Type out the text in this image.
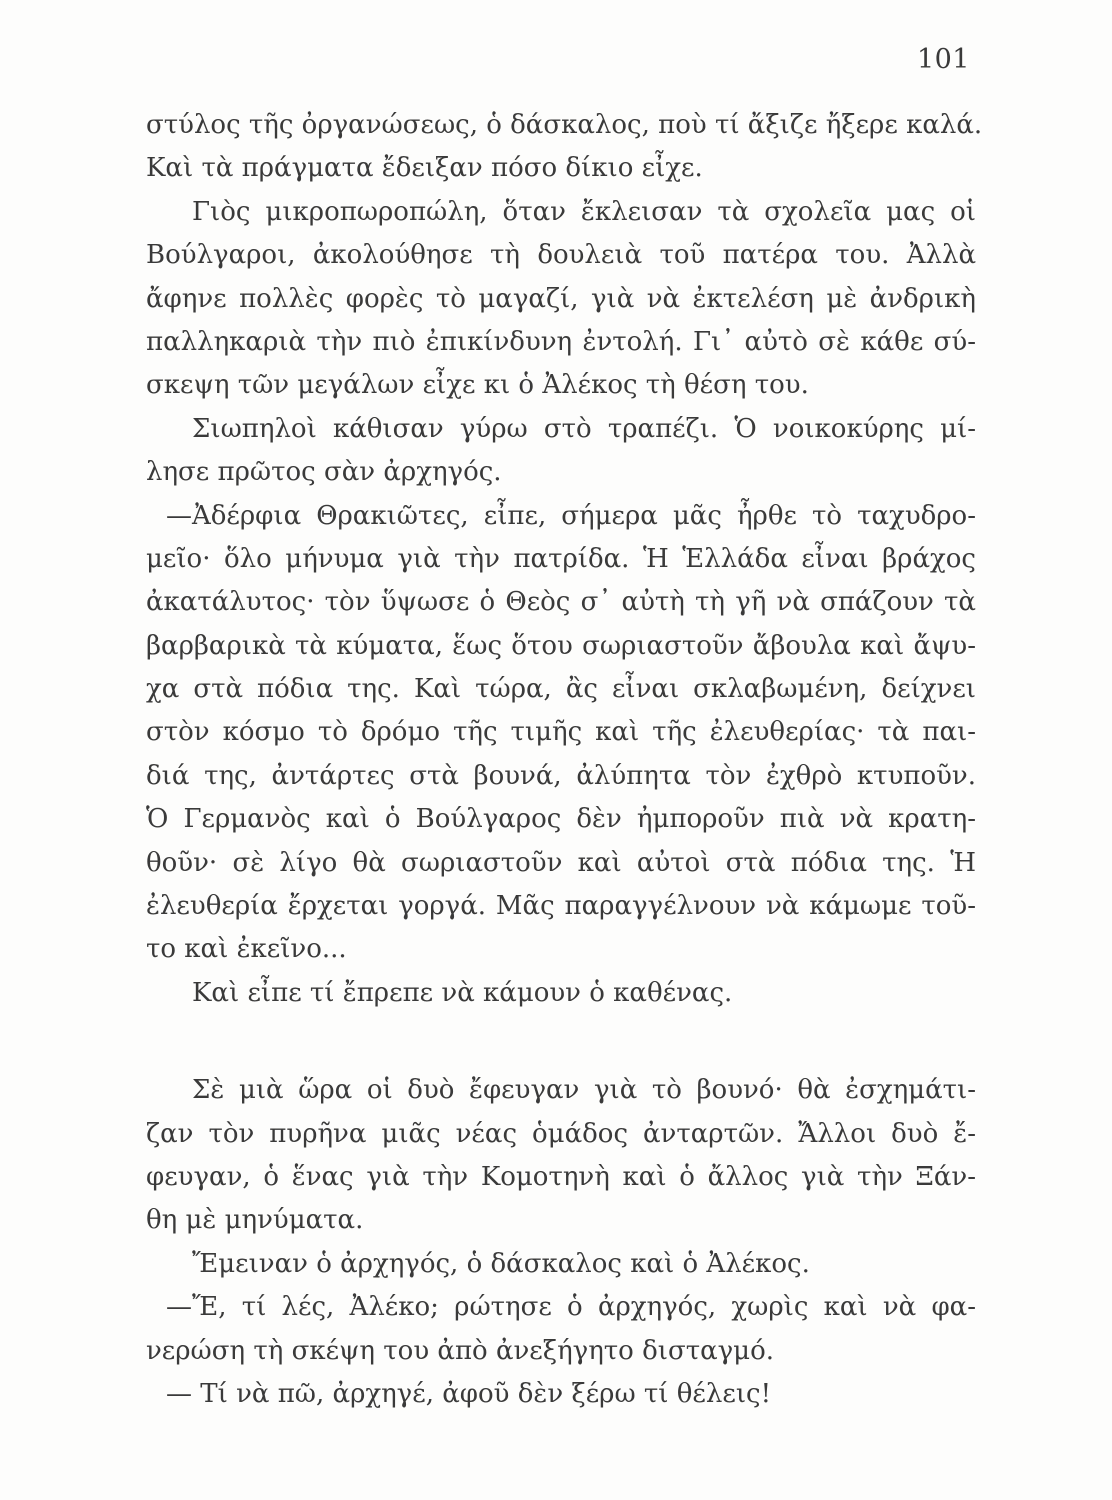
101
στύλος τῆς ὀργανώσεως, ὁ δάσκαλος, ποὺ τί ἄξιζε ἤξερε καλά.
Καὶ τὰ πράγματα ἔδειξαν πόσο δίκιο εἶχε.
Γιὸς μικροπωροπώλη, ὅταν ἔκλεισαν τὰ σχολεῖα μας οἱ
Βούλγαροι, ἀκολούθησε τὴ δουλειὰ τοῦ πατέρα του. Ἀλλὰ
ἄφηνε πολλὲς φορὲς τὸ μαγαζί, γιὰ νὰ ἐκτελέση μὲ ἀνδρικὴ
παλληκαριὰ τὴν πιὸ ἐπικίνδυνη ἐντολή. Γι᾽ αὐτὸ σὲ κάθε σύ-
σκεψη τῶν μεγάλων εἶχε κι ὁ Ἀλέκος τὴ θέση του.
Σιωπηλοὶ κάθισαν γύρω στὸ τραπέζι. Ὁ νοικοκύρης μί-
λησε πρῶτος σὰν ἀρχηγός.
—Ἀδέρφια Θρακιῶτες, εἶπε, σήμερα μᾶς ἦρθε τὸ ταχυδρο-
μεῖο· ὅλο μήνυμα γιὰ τὴν πατρίδα. Ἡ Ἑλλάδα εἶναι βράχος
ἀκατάλυτος· τὸν ὕψωσε ὁ Θεὸς σ᾽ αὐτὴ τὴ γῆ νὰ σπάζουν τὰ
βαρβαρικὰ τὰ κύματα, ἕως ὅτου σωριαστοῦν ἄβουλα καὶ ἄψυ-
χα στὰ πόδια της. Καὶ τώρα, ἂς εἶναι σκλαβωμένη, δείχνει
στὸν κόσμο τὸ δρόμο τῆς τιμῆς καὶ τῆς ἐλευθερίας· τὰ παι-
διά της, ἀντάρτες στὰ βουνά, ἀλύπητα τὸν ἐχθρὸ κτυποῦν.
Ὁ Γερμανὸς καὶ ὁ Βούλγαρος δὲν ἠμποροῦν πιὰ νὰ κρατη-
θοῦν· σὲ λίγο θὰ σωριαστοῦν καὶ αὐτοὶ στὰ πόδια της. Ἡ
ἐλευθερία ἔρχεται γοργά. Μᾶς παραγγέλνουν νὰ κάμωμε τοῦ-
το καὶ ἐκεῖνο...
Καὶ εἶπε τί ἔπρεπε νὰ κάμουν ὁ καθένας.
Σὲ μιὰ ὥρα οἱ δυὸ ἔφευγαν γιὰ τὸ βουνό· θὰ ἐσχημάτι-
ζαν τὸν πυρῆνα μιᾶς νέας ὁμάδος ἀνταρτῶν. Ἄλλοι δυὸ ἔ-
φευγαν, ὁ ἕνας γιὰ τὴν Κομοτηνὴ καὶ ὁ ἄλλος γιὰ τὴν Ξάν-
θη μὲ μηνύματα.
Ἔμειναν ὁ ἀρχηγός, ὁ δάσκαλος καὶ ὁ Ἀλέκος.
—Ἔ, τί λές, Ἀλέκο; ρώτησε ὁ ἀρχηγός, χωρὶς καὶ νὰ φα-
νερώση τὴ σκέψη του ἀπὸ ἀνεξήγητο δισταγμό.
— Τί νὰ πῶ, ἀρχηγέ, ἀφοῦ δὲν ξέρω τί θέλεις!
